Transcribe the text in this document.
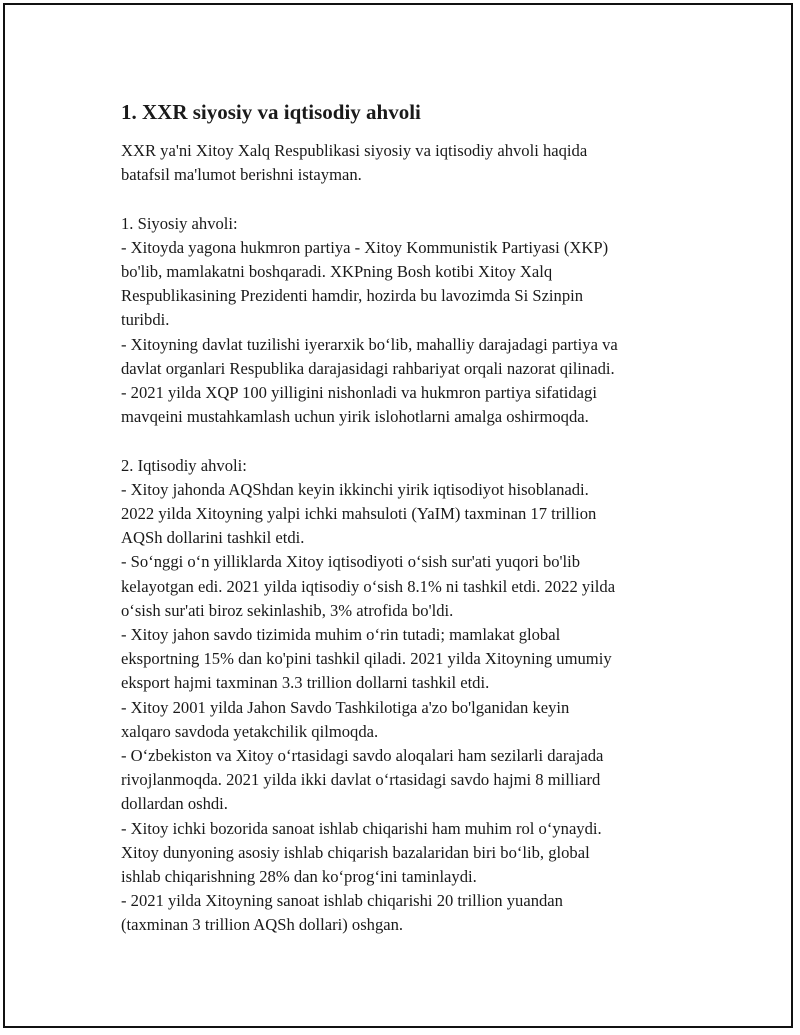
1. XXR siyosiy va iqtisodiy ahvoli

XXR ya'ni Xitoy Xalq Respublikasi siyosiy va iqtisodiy ahvoli haqida
batafsil ma'lumot berishni istayman.

1. Siyosiy ahvoli:

- Xitoyda yagona hukmron partiya - Xitoy Kommunistik Partiyasi (XKP)
bo'lib, mamlakatni boshqaradi. XKPning Bosh kotibi Xitoy Xalq
Respublikasining Prezidenti hamdir, hozirda bu lavozimda Si Szinpin
turibdi.

- Xitoyning davlat tuzilishi iyerarxik bo‘lib, mahalliy darajadagi partiya va
davlat organlari Respublika darajasidagi rahbariyat orqali nazorat qilinadi.

- 2021 yilda XQP 100 yilligini nishonladi va hukmron partiya sifatidagi
mavqeini mustahkamlash uchun yirik islohotlarni amalga oshirmoqda.

2. Iqtisodiy ahvoli:

- Xitoy jahonda AQShdan keyin ikkinchi yirik iqtisodiyot hisoblanadi.
2022 yilda Xitoyning yalpi ichki mahsuloti (YaIM) taxminan 17 trillion
AQSh dollarini tashkil etdi.

- So‘nggi o‘n yilliklarda Xitoy iqtisodiyoti o‘sish sur'ati yuqori bo'lib
kelayotgan edi. 2021 yilda iqtisodiy o‘sish 8.1% ni tashkil etdi. 2022 yilda
o‘sish sur'ati biroz sekinlashib, 3% atrofida bo'ldi.

- Xitoy jahon savdo tizimida muhim o‘rin tutadi; mamlakat global
eksportning 15% dan ko'pini tashkil qiladi. 2021 yilda Xitoyning umumiy
eksport hajmi taxminan 3.3 trillion dollarni tashkil etdi.

- Xitoy 2001 yilda Jahon Savdo Tashkilotiga a'zo bo'lganidan keyin
xalqaro savdoda yetakchilik qilmoqda.

- O‘zbekiston va Xitoy o‘rtasidagi savdo aloqalari ham sezilarli darajada
rivojlanmoqda. 2021 yilda ikki davlat o‘rtasidagi savdo hajmi 8 milliard
dollardan oshdi.

- Xitoy ichki bozorida sanoat ishlab chiqarishi ham muhim rol o‘ynaydi.
Xitoy dunyoning asosiy ishlab chiqarish bazalaridan biri bo‘lib, global
ishlab chiqarishning 28% dan ko‘prog‘ini taminlaydi.

- 2021 yilda Xitoyning sanoat ishlab chiqarishi 20 trillion yuandan
(taxminan 3 trillion AQSh dollari) oshgan.
